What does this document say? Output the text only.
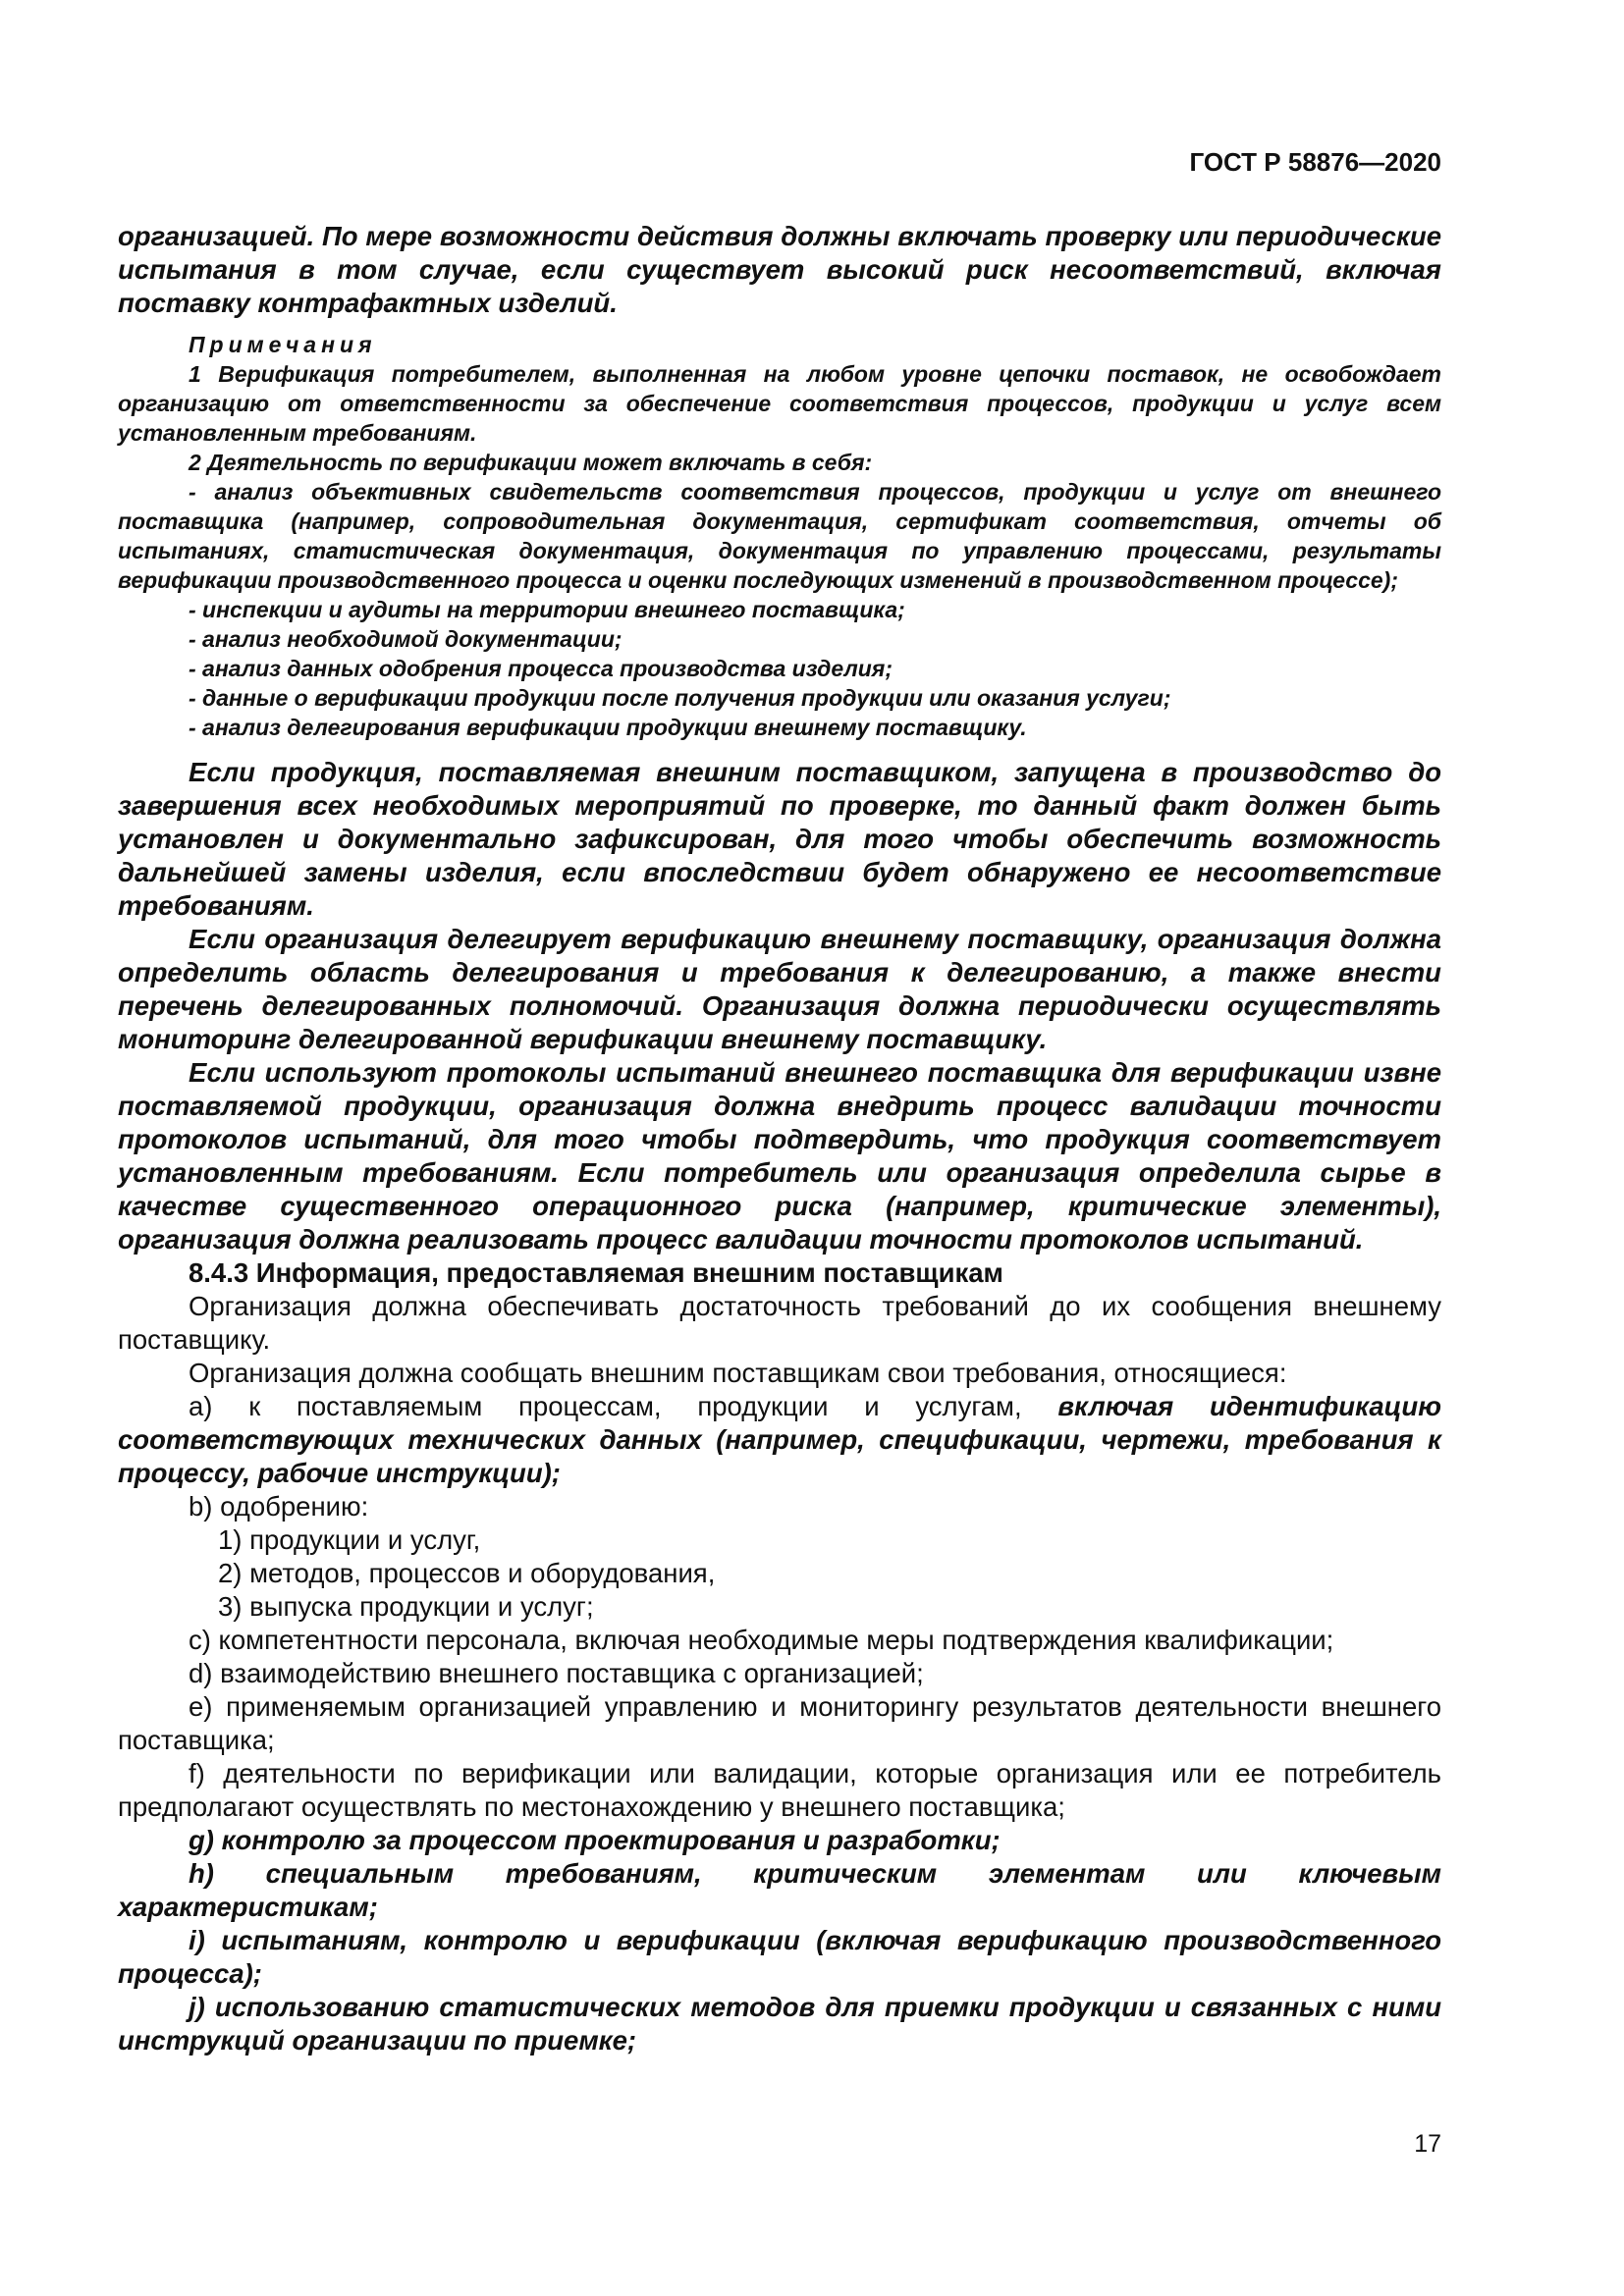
ГОСТ Р 58876—2020

организацией. По мере возможности действия должны включать проверку или периодические испытания в том случае, если существует высокий риск несоответствий, включая поставку контрафактных изделий.

Примечания

1 Верификация потребителем, выполненная на любом уровне цепочки поставок, не освобождает организацию от ответственности за обеспечение соответствия процессов, продукции и услуг всем установленным требованиям.

2 Деятельность по верификации может включать в себя:

- анализ объективных свидетельств соответствия процессов, продукции и услуг от внешнего поставщика (например, сопроводительная документация, сертификат соответствия, отчеты об испытаниях, статистическая документация, документация по управлению процессами, результаты верификации производственного процесса и оценки последующих изменений в производственном процессе);

- инспекции и аудиты на территории внешнего поставщика;

- анализ необходимой документации;

- анализ данных одобрения процесса производства изделия;

- данные о верификации продукции после получения продукции или оказания услуги;

- анализ делегирования верификации продукции внешнему поставщику.

Если продукция, поставляемая внешним поставщиком, запущена в производство до завершения всех необходимых мероприятий по проверке, то данный факт должен быть установлен и документально зафиксирован, для того чтобы обеспечить возможность дальнейшей замены изделия, если впоследствии будет обнаружено ее несоответствие требованиям.

Если организация делегирует верификацию внешнему поставщику, организация должна определить область делегирования и требования к делегированию, а также внести перечень делегированных полномочий. Организация должна периодически осуществлять мониторинг делегированной верификации внешнему поставщику.

Если используют протоколы испытаний внешнего поставщика для верификации извне поставляемой продукции, организация должна внедрить процесс валидации точности протоколов испытаний, для того чтобы подтвердить, что продукция соответствует установленным требованиям. Если потребитель или организация определила сырье в качестве существенного операционного риска (например, критические элементы), организация должна реализовать процесс валидации точности протоколов испытаний.

8.4.3 Информация, предоставляемая внешним поставщикам

Организация должна обеспечивать достаточность требований до их сообщения внешнему поставщику.

Организация должна сообщать внешним поставщикам свои требования, относящиеся:

а) к поставляемым процессам, продукции и услугам, включая идентификацию соответствующих технических данных (например, спецификации, чертежи, требования к процессу, рабочие инструкции);

b) одобрению:

1) продукции и услуг,

2) методов, процессов и оборудования,

3) выпуска продукции и услуг;

c) компетентности персонала, включая необходимые меры подтверждения квалификации;

d) взаимодействию внешнего поставщика с организацией;

e) применяемым организацией управлению и мониторингу результатов деятельности внешнего поставщика;

f) деятельности по верификации или валидации, которые организация или ее потребитель предполагают осуществлять по местонахождению у внешнего поставщика;

g) контролю за процессом проектирования и разработки;

h) специальным требованиям, критическим элементам или ключевым характеристикам;

i) испытаниям, контролю и верификации (включая верификацию производственного процесса);

j) использованию статистических методов для приемки продукции и связанных с ними инструкций организации по приемке;

17
